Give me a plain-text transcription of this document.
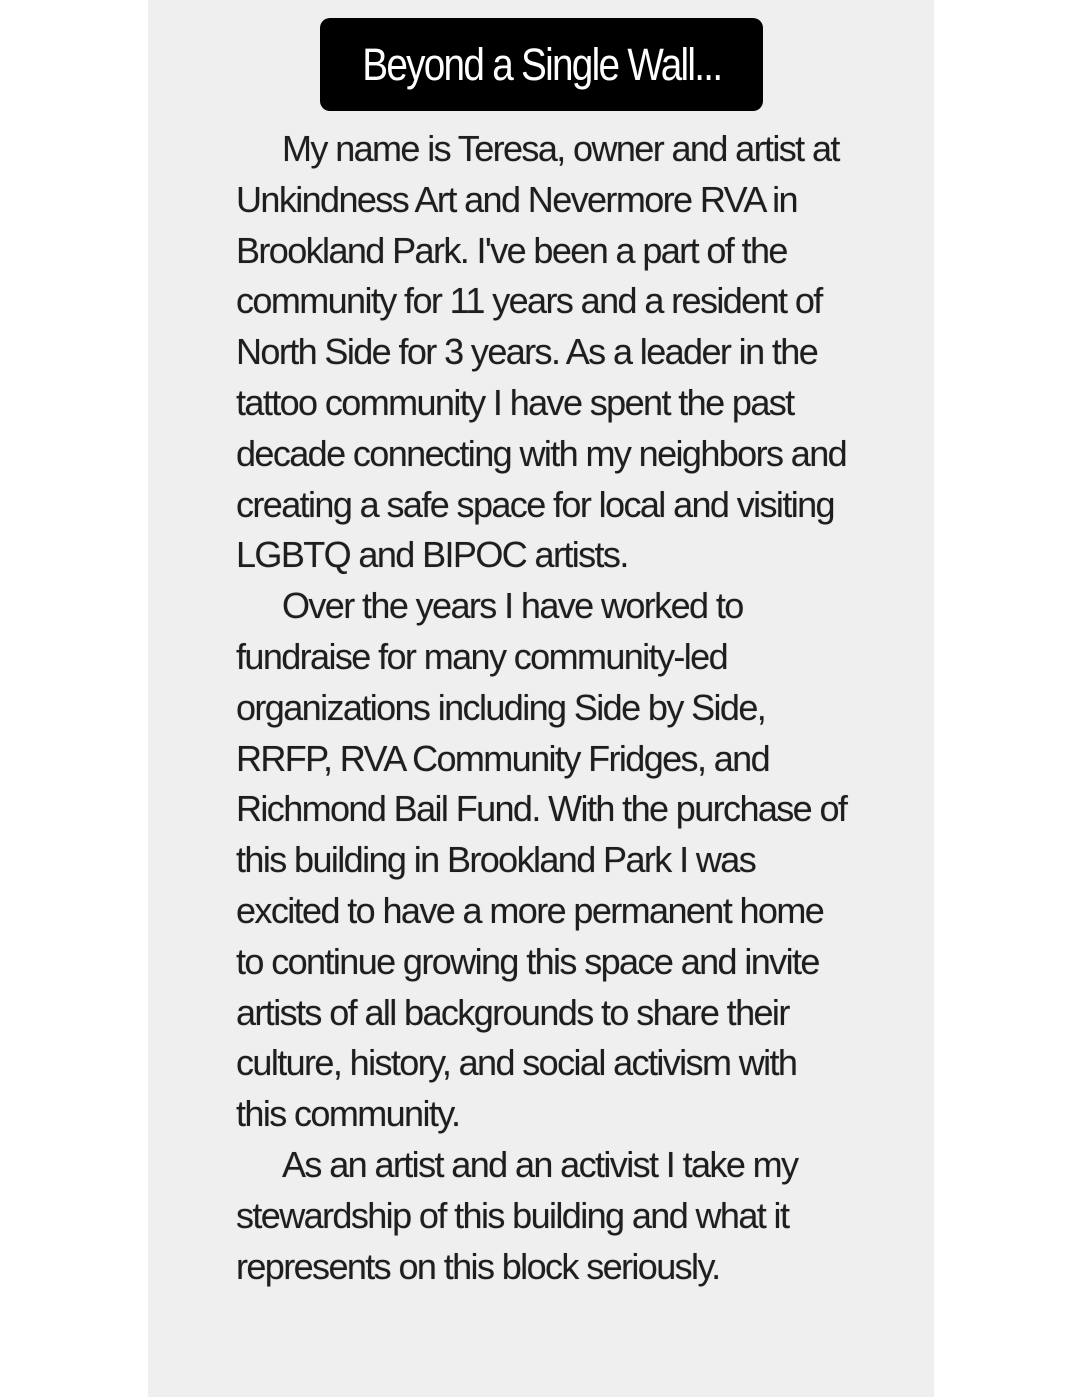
Beyond a Single Wall...
My name is Teresa, owner and artist at
Unkindness Art and Nevermore RVA in
Brookland Park. I've been a part of the
community for 11 years and a resident of
North Side for 3 years. As a leader in the
tattoo community I have spent the past
decade connecting with my neighbors and
creating a safe space for local and visiting
LGBTQ and BIPOC artists.
Over the years I have worked to
fundraise for many community-led
organizations including Side by Side,
RRFP, RVA Community Fridges, and
Richmond Bail Fund. With the purchase of
this building in Brookland Park I was
excited to have a more permanent home
to continue growing this space and invite
artists of all backgrounds to share their
culture, history, and social activism with
this community.
As an artist and an activist I take my
stewardship of this building and what it
represents on this block seriously.
